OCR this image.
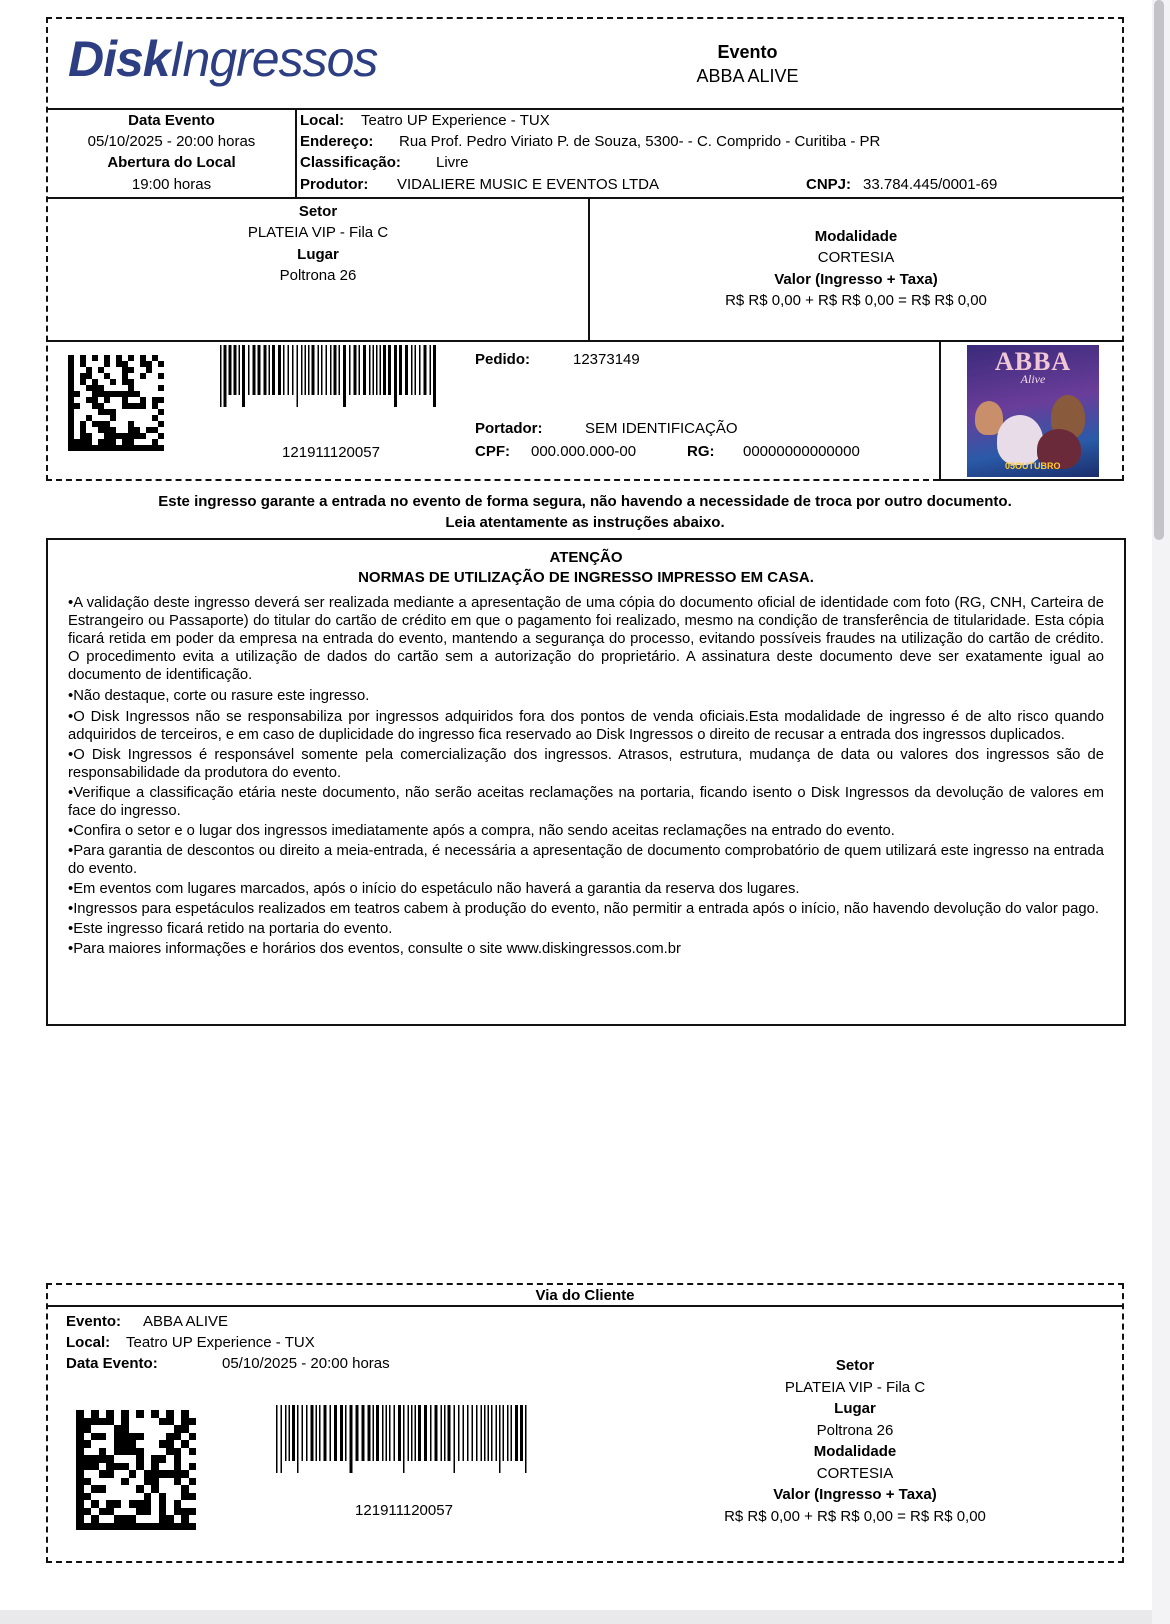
DiskIngressos	Evento
ABBA ALIVE
Data Evento
05/10/2025 - 20:00 horas
Abertura do Local
19:00 horas
Local: Teatro UP Experience - TUX
Endereço: Rua Prof. Pedro Viriato P. de Souza, 5300- - C. Comprido - Curitiba - PR
Classificação: Livre
Produtor: VIDALIERE MUSIC E EVENTOS LTDA	CNPJ: 33.784.445/0001-69
Setor
PLATEIA VIP - Fila C
Lugar
Poltrona 26
Modalidade
CORTESIA
Valor (Ingresso + Taxa)
R$ R$ 0,00 + R$ R$ 0,00 = R$ R$ 0,00
121911120057
Pedido:	12373149
Portador:	SEM IDENTIFICAÇÃO
CPF: 000.000.000-00	RG: 00000000000000
ABBA
Alive
05OUTUBRO
Este ingresso garante a entrada no evento de forma segura, não havendo a necessidade de troca por outro documento.
Leia atentamente as instruções abaixo.
ATENÇÃO
NORMAS DE UTILIZAÇÃO DE INGRESSO IMPRESSO EM CASA.

• A validação deste ingresso deverá ser realizada mediante a apresentação de uma cópia do documento oficial de identidade com foto (RG, CNH, Carteira de Estrangeiro ou Passaporte) do titular do cartão de crédito em que o pagamento foi realizado, mesmo na condição de transferência de titularidade. Esta cópia ficará retida em poder da empresa na entrada do evento, mantendo a segurança do processo, evitando possíveis fraudes na utilização do cartão de crédito. O procedimento evita a utilização de dados do cartão sem a autorização do proprietário. A assinatura deste documento deve ser exatamente igual ao documento de identificação.

• Não destaque, corte ou rasure este ingresso.

• O Disk Ingressos não se responsabiliza por ingressos adquiridos fora dos pontos de venda oficiais.Esta modalidade de ingresso é de alto risco quando adquiridos de terceiros, e em caso de duplicidade do ingresso fica reservado ao Disk Ingressos o direito de recusar a entrada dos ingressos duplicados.

• O Disk Ingressos é responsável somente pela comercialização dos ingressos. Atrasos, estrutura, mudança de data ou valores dos ingressos são de responsabilidade da produtora do evento.

• Verifique a classificação etária neste documento, não serão aceitas reclamações na portaria, ficando isento o Disk Ingressos da devolução de valores em face do ingresso.

• Confira o setor e o lugar dos ingressos imediatamente após a compra, não sendo aceitas reclamações na entrado do evento.

• Para garantia de descontos ou direito a meia-entrada, é necessária a apresentação de documento comprobatório de quem utilizará este ingresso na entrada do evento.

• Em eventos com lugares marcados, após o início do espetáculo não haverá a garantia da reserva dos lugares.

• Ingressos para espetáculos realizados em teatros cabem à produção do evento, não permitir a entrada após o início, não havendo devolução do valor pago.

• Este ingresso ficará retido na portaria do evento.

• Para maiores informações e horários dos eventos, consulte o site www.diskingressos.com.br

Via do Cliente
Evento: ABBA ALIVE
Local: Teatro UP Experience - TUX
Data Evento:	05/10/2025 - 20:00 horas
121911120057
Setor
PLATEIA VIP - Fila C
Lugar
Poltrona 26
Modalidade
CORTESIA
Valor (Ingresso + Taxa)
R$ R$ 0,00 + R$ R$ 0,00 = R$ R$ 0,00
